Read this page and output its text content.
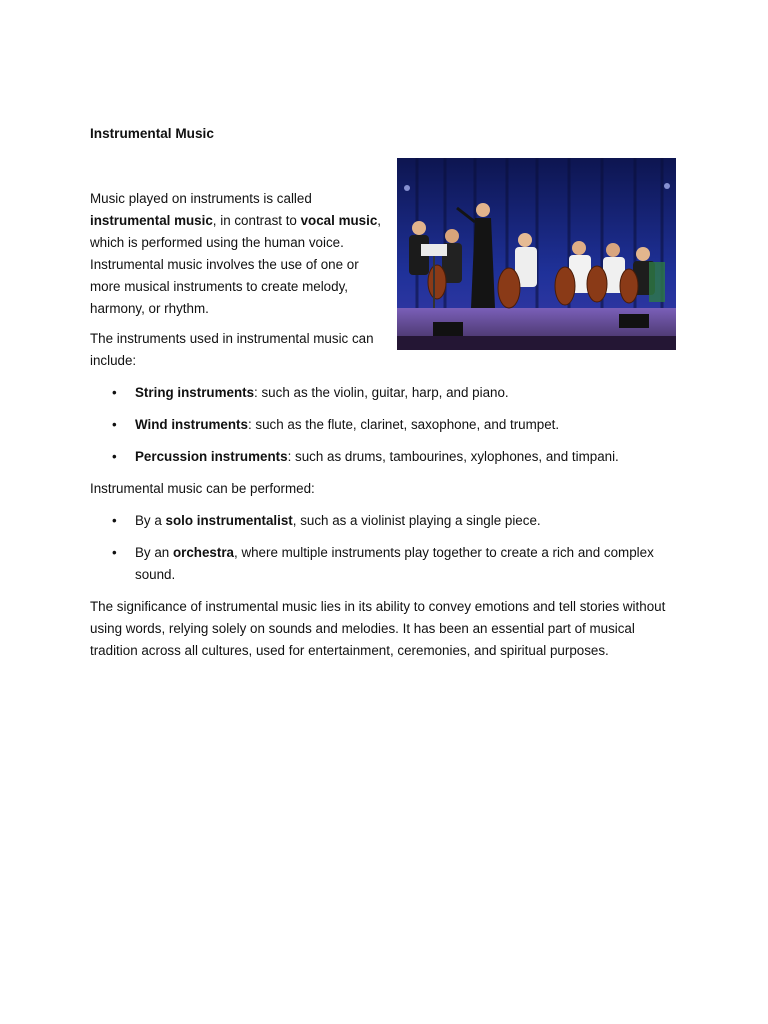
Instrumental Music

Music played on instruments is called instrumental music, in contrast to vocal music, which is performed using the human voice. Instrumental music involves the use of one or more musical instruments to create melody, harmony, or rhythm.

The instruments used in instrumental music can include:

• String instruments: such as the violin, guitar, harp, and piano.
• Wind instruments: such as the flute, clarinet, saxophone, and trumpet.
• Percussion instruments: such as drums, tambourines, xylophones, and timpani.

Instrumental music can be performed:

• By a solo instrumentalist, such as a violinist playing a single piece.
• By an orchestra, where multiple instruments play together to create a rich and complex sound.

The significance of instrumental music lies in its ability to convey emotions and tell stories without using words, relying solely on sounds and melodies. It has been an essential part of musical tradition across all cultures, used for entertainment, ceremonies, and spiritual purposes.
